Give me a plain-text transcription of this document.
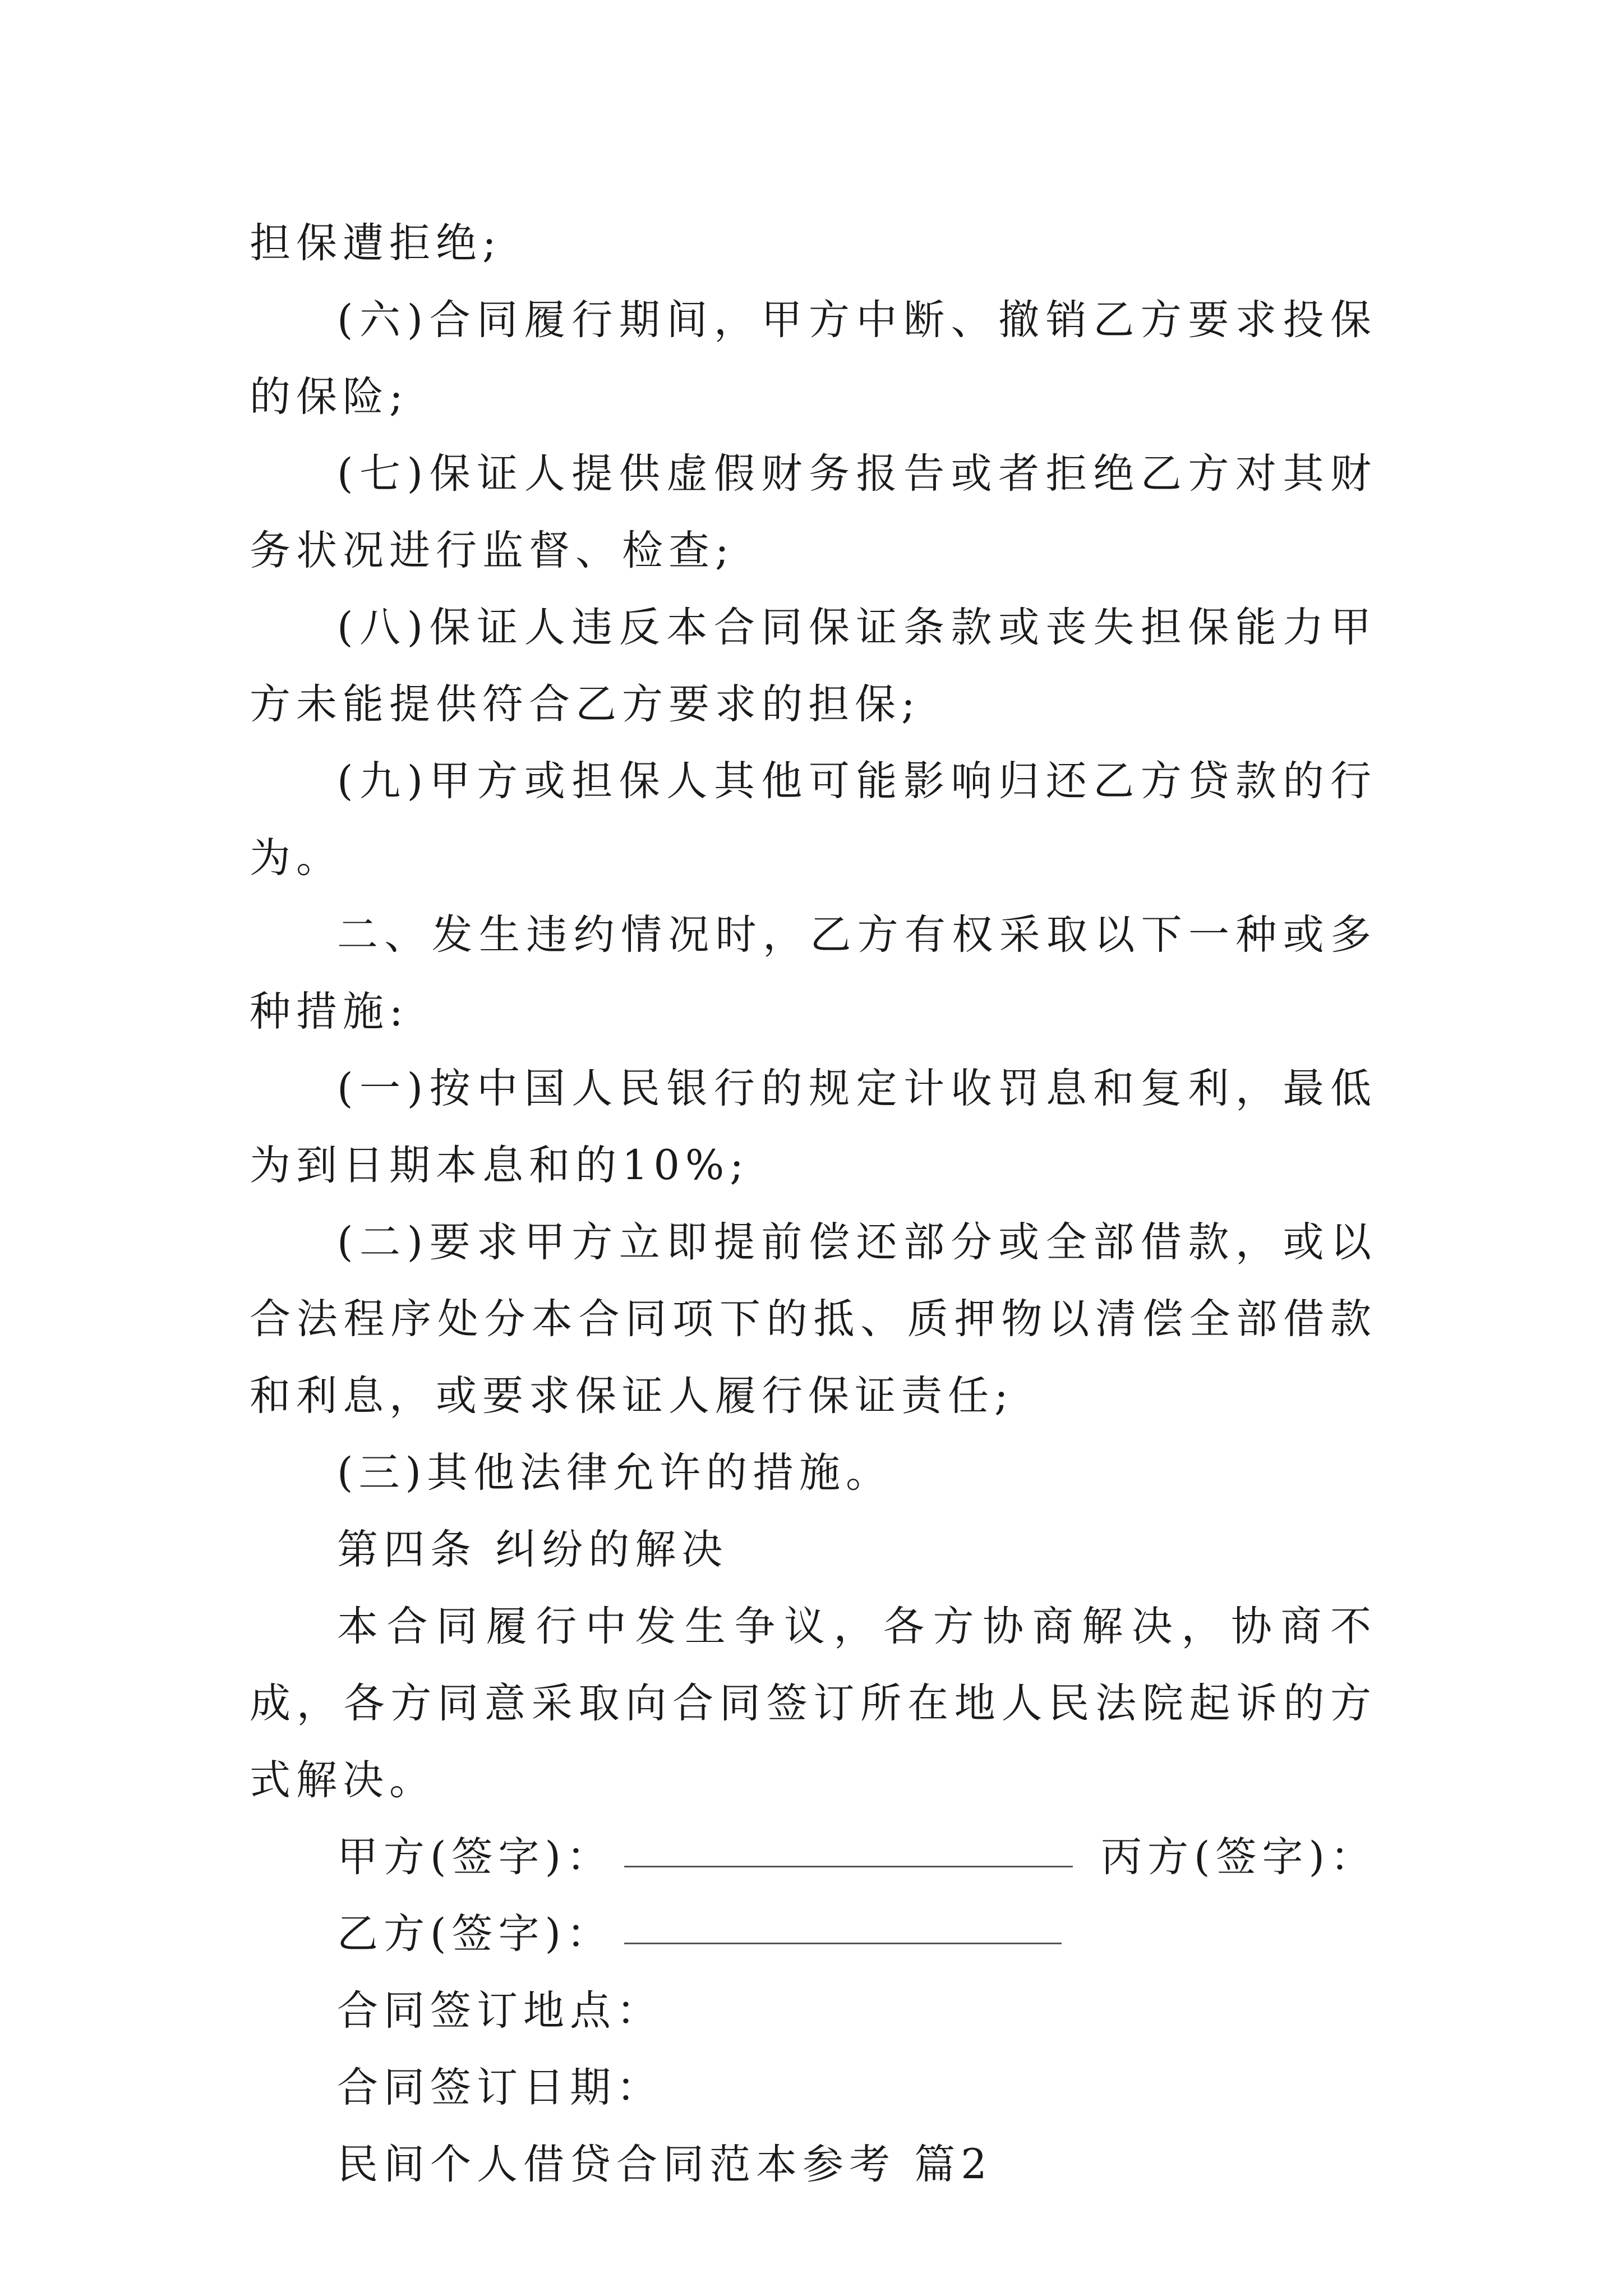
担保遭拒绝;

(六)合同履行期间，甲方中断、撤销乙方要求投保的保险;

(七)保证人提供虚假财务报告或者拒绝乙方对其财务状况进行监督、检查;

(八)保证人违反本合同保证条款或丧失担保能力甲方未能提供符合乙方要求的担保;

(九)甲方或担保人其他可能影响归还乙方贷款的行为。

二、发生违约情况时，乙方有权采取以下一种或多种措施:

(一)按中国人民银行的规定计收罚息和复利，最低为到日期本息和的10%;

(二)要求甲方立即提前偿还部分或全部借款，或以合法程序处分本合同项下的抵、质押物以清偿全部借款和利息，或要求保证人履行保证责任;

(三)其他法律允许的措施。

第四条 纠纷的解决

本合同履行中发生争议，各方协商解决，协商不成，各方同意采取向合同签订所在地人民法院起诉的方式解决。

甲方(签字)：	丙方(签字)：
乙方(签字)：

合同签订地点：

合同签订日期：

民间个人借贷合同范本参考 篇2
